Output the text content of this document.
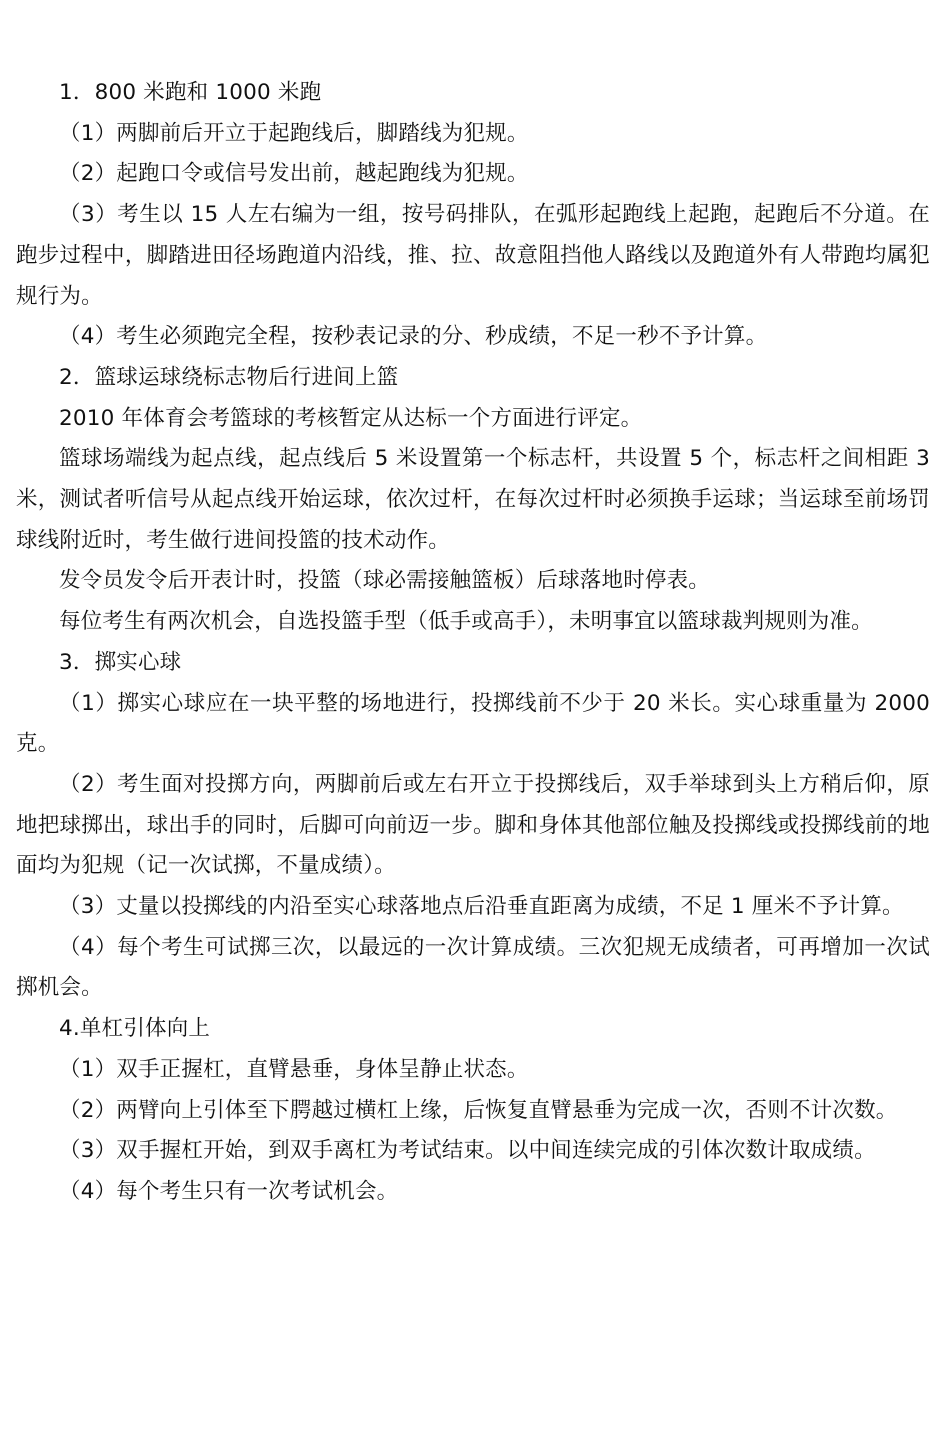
1．800 米跑和 1000 米跑

（1）两脚前后开立于起跑线后，脚踏线为犯规。

（2）起跑口令或信号发出前，越起跑线为犯规。

（3）考生以 15 人左右编为一组，按号码排队，在弧形起跑线上起跑，起跑后不分道。在跑步过程中，脚踏进田径场跑道内沿线，推、拉、故意阻挡他人路线以及跑道外有人带跑均属犯规行为。

（4）考生必须跑完全程，按秒表记录的分、秒成绩，不足一秒不予计算。

2．篮球运球绕标志物后行进间上篮

2010 年体育会考篮球的考核暂定从达标一个方面进行评定。

篮球场端线为起点线，起点线后 5 米设置第一个标志杆，共设置 5 个，标志杆之间相距 3 米，测试者听信号从起点线开始运球，依次过杆，在每次过杆时必须换手运球；当运球至前场罚球线附近时，考生做行进间投篮的技术动作。

发令员发令后开表计时，投篮（球必需接触篮板）后球落地时停表。

每位考生有两次机会，自选投篮手型（低手或高手），未明事宜以篮球裁判规则为准。

3．掷实心球

（1）掷实心球应在一块平整的场地进行，投掷线前不少于 20 米长。实心球重量为 2000 克。

（2）考生面对投掷方向，两脚前后或左右开立于投掷线后，双手举球到头上方稍后仰，原地把球掷出，球出手的同时，后脚可向前迈一步。脚和身体其他部位触及投掷线或投掷线前的地面均为犯规（记一次试掷，不量成绩）。

（3）丈量以投掷线的内沿至实心球落地点后沿垂直距离为成绩，不足 1 厘米不予计算。

（4）每个考生可试掷三次，以最远的一次计算成绩。三次犯规无成绩者，可再增加一次试掷机会。

4.单杠引体向上

（1）双手正握杠，直臂悬垂，身体呈静止状态。

（2）两臂向上引体至下腭越过横杠上缘，后恢复直臂悬垂为完成一次，否则不计次数。

（3）双手握杠开始，到双手离杠为考试结束。以中间连续完成的引体次数计取成绩。

（4）每个考生只有一次考试机会。
